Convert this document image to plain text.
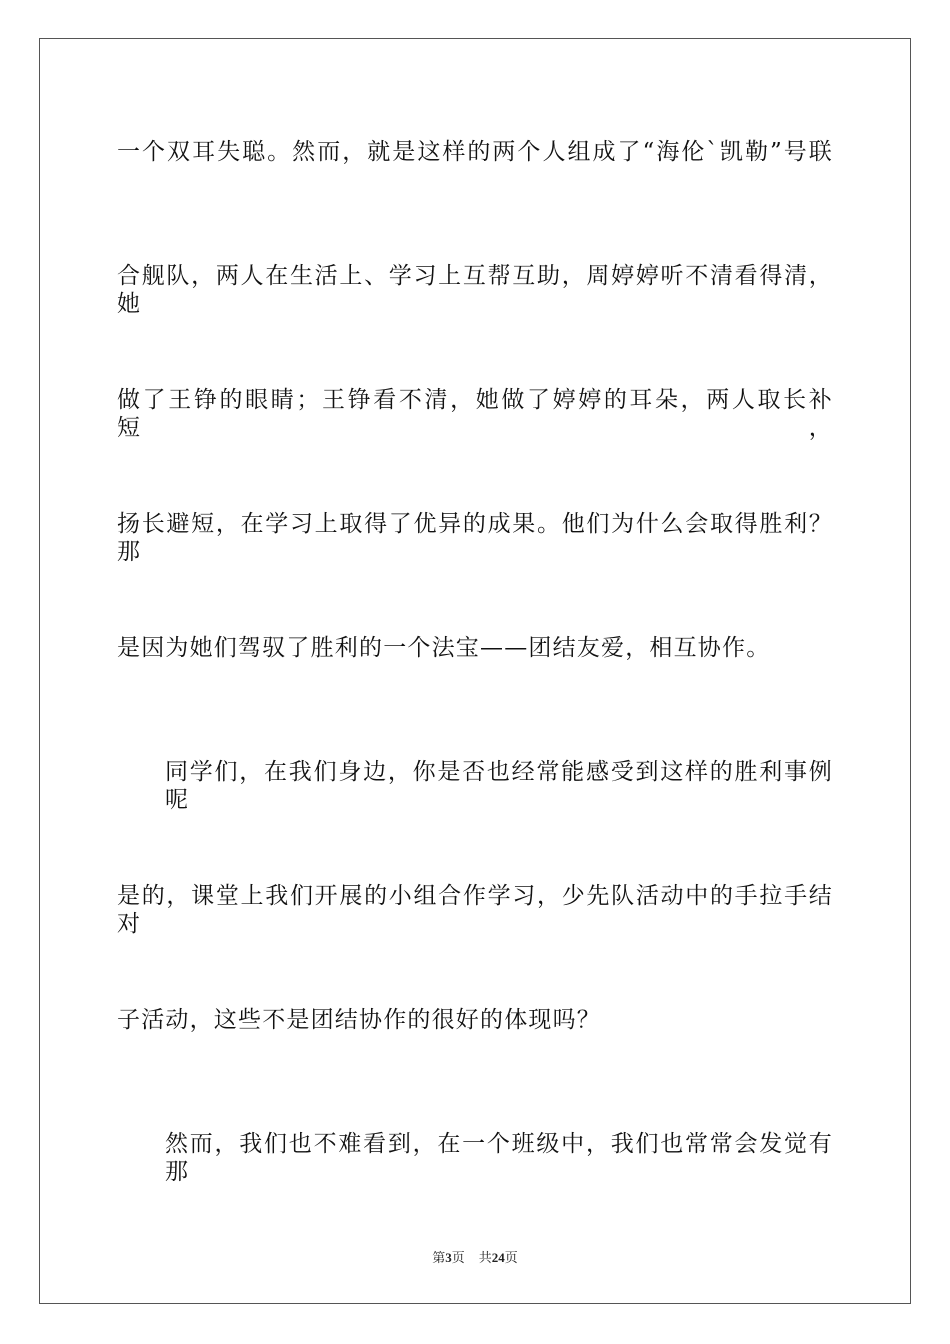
一个双耳失聪。然而，就是这样的两个人组成了“海伦`凯勒”号联
合舰队，两人在生活上、学习上互帮互助，周婷婷听不清看得清，她
做了王铮的眼睛；王铮看不清，她做了婷婷的耳朵，两人取长补短，
扬长避短，在学习上取得了优异的成果。他们为什么会取得胜利？那
是因为她们驾驭了胜利的一个法宝——团结友爱，相互协作。
同学们，在我们身边，你是否也经常能感受到这样的胜利事例呢
是的，课堂上我们开展的小组合作学习，少先队活动中的手拉手结对
子活动，这些不是团结协作的很好的体现吗？
然而，我们也不难看到，在一个班级中，我们也常常会发觉有那
第3页 共24页
